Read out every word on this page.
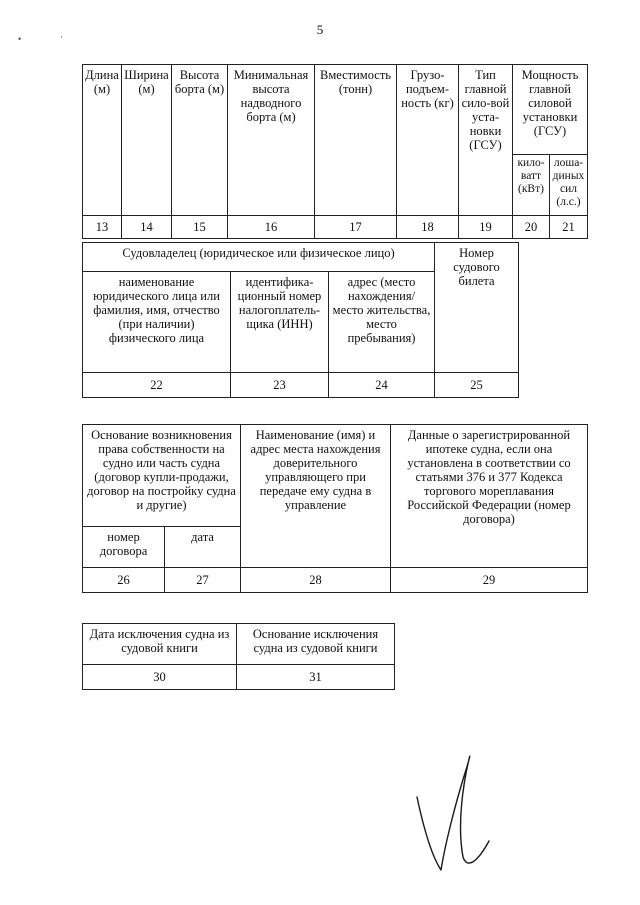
5
•	·
Длина (м)	Ширина (м)	Высота борта (м)	Минимальная высота надводного борта (м)	Вместимость (тонн)	Грузо-подъем-ность (кг)	Тип главной сило-вой уста-новки (ГСУ)	Мощность главной силовой установки (ГСУ)	
							кило-ватт (кВт)	лоша-диных сил (л.с.)
13	14	15	16	17	18	19	20	21
Судовладелец (юридическое или физическое лицо)			Номер судового билета
наименование юридического лица или фамилия, имя, отчество (при наличии) физического лица	идентифика-ционный номер налогоплатель-щика (ИНН)	адрес (место нахождения/ место жительства, место пребывания)	
22	23	24	25
Основание возникновения права собственности на судно или часть судна (договор купли-продажи, договор на постройку судна и другие)		Наименование (имя) и адрес места нахождения доверительного управляющего при передаче ему судна в управление	Данные о зарегистрированной ипотеке судна, если она установлена в соответствии со статьями 376 и 377 Кодекса торгового мореплавания Российской Федерации (номер договора)
номер договора	дата		
26	27	28	29
Дата исключения судна из судовой книги	Основание исключения судна из судовой книги
30	31
